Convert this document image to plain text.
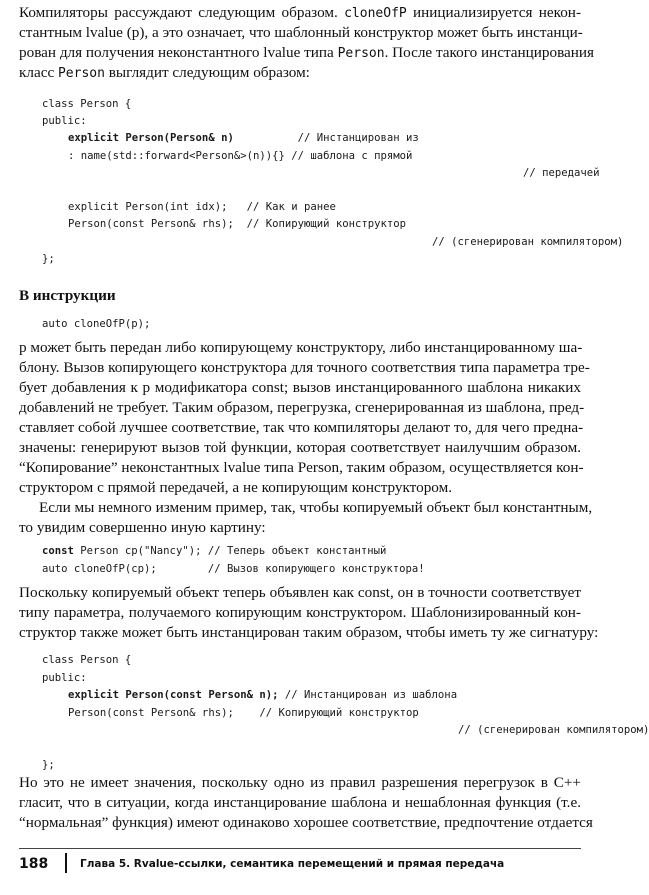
Компиляторы рассуждают следующим образом. cloneOfP инициализируется некон-
стантным lvalue (p), а это означает, что шаблонный конструктор может быть инстанци-
рован для получения неконстантного lvalue типа Person. После такого инстанцирования
класс Person выглядит следующим образом:
class Person {
public:
explicit Person(Person& n)          // Инстанцирован из
: name(std::forward<Person&>(n)){} // шаблона с прямой
// передачей
explicit Person(int idx);   // Как и ранее
Person(const Person& rhs);  // Копирующий конструктор
// (сгенерирован компилятором)
};
В инструкции
auto cloneOfP(p);
p может быть передан либо копирующему конструктору, либо инстанцированному ша-
блону. Вызов копирующего конструктора для точного соответствия типа параметра тре-
бует добавления к p модификатора const; вызов инстанцированного шаблона никаких
добавлений не требует. Таким образом, перегрузка, сгенерированная из шаблона, пред-
ставляет собой лучшее соответствие, так что компиляторы делают то, для чего предна-
значены: генерируют вызов той функции, которая соответствует наилучшим образом.
“Копирование” неконстантных lvalue типа Person, таким образом, осуществляется кон-
структором с прямой передачей, а не копирующим конструктором.
Если мы немного изменим пример, так, чтобы копируемый объект был константным,
то увидим совершенно иную картину:
const Person cp("Nancy"); // Теперь объект константный
auto cloneOfP(cp);        // Вызов копирующего конструктора!
Поскольку копируемый объект теперь объявлен как const, он в точности соответствует
типу параметра, получаемого копирующим конструктором. Шаблонизированный кон-
структор также может быть инстанцирован таким образом, чтобы иметь ту же сигнатуру:
class Person {
public:
explicit Person(const Person& n); // Инстанцирован из шаблона
Person(const Person& rhs);    // Копирующий конструктор
// (сгенерирован компилятором)
};
Но это не имеет значения, поскольку одно из правил разрешения перегрузок в C++
гласит, что в ситуации, когда инстанцирование шаблона и нешаблонная функция (т.е.
“нормальная” функция) имеют одинаково хорошее соответствие, предпочтение отдается
188	Глава 5. Rvalue-ссылки, семантика перемещений и прямая передача
